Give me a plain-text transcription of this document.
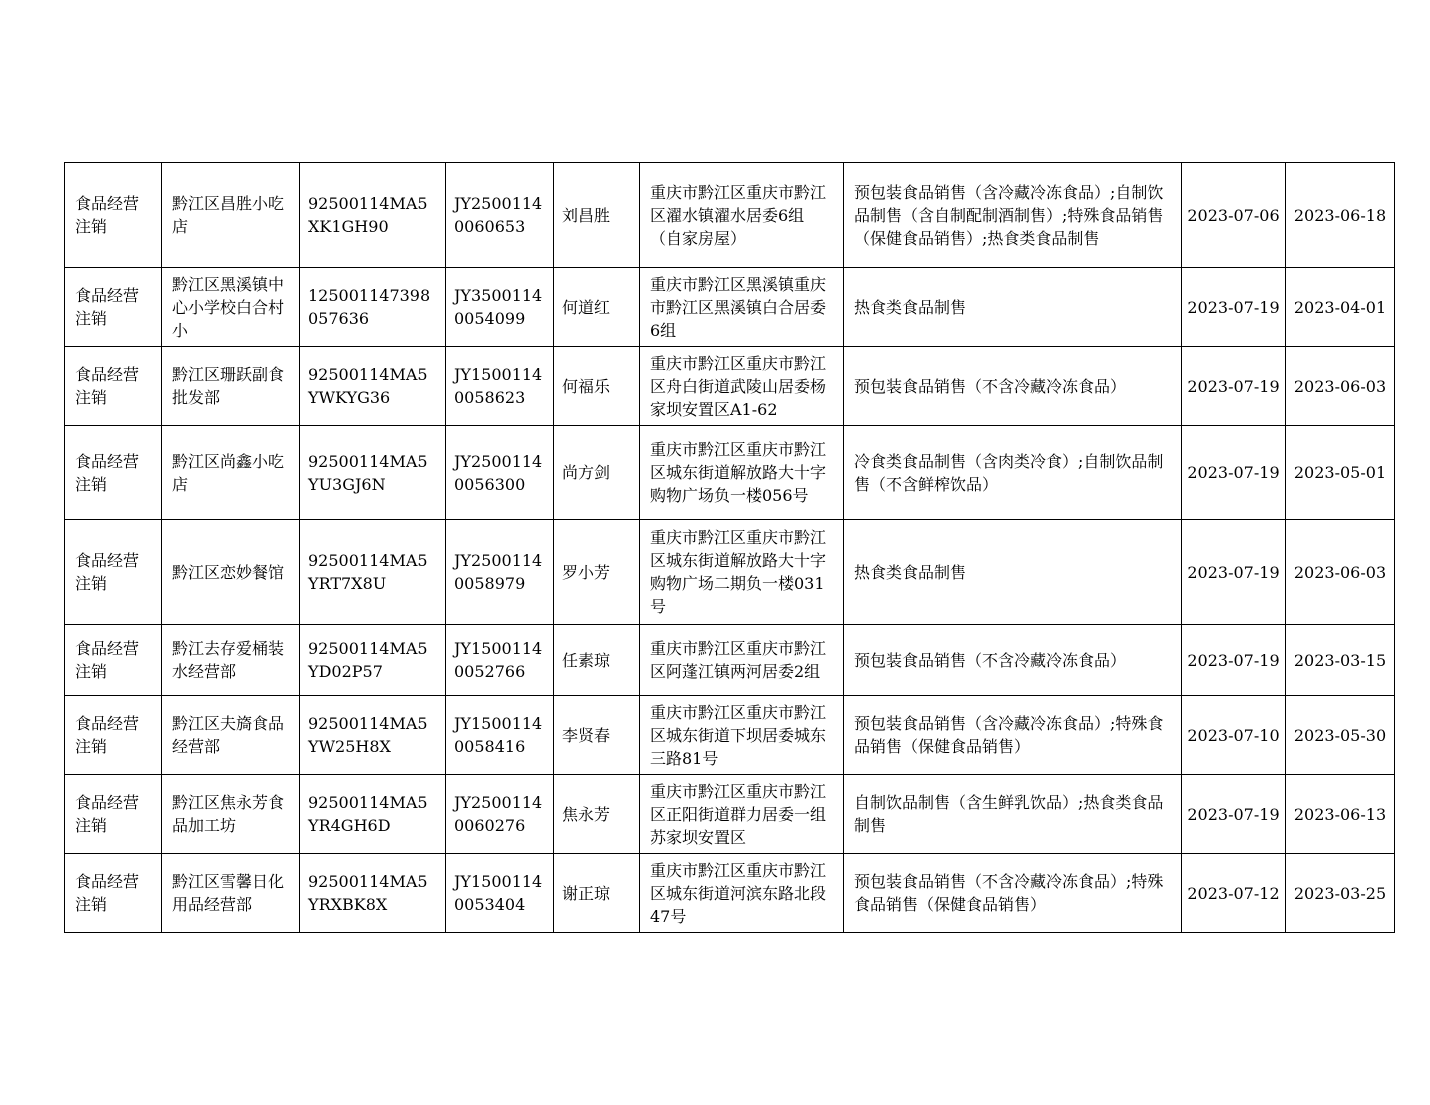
食品经营注销	黔江区昌胜小吃店	92500114MA5XK1GH90	JY25001140060653	刘昌胜	重庆市黔江区重庆市黔江区濯水镇濯水居委6组（自家房屋）	预包装食品销售（含冷藏冷冻食品）;自制饮品制售（含自制配制酒制售）;特殊食品销售（保健食品销售）;热食类食品制售	2023-07-06	2023-06-18
食品经营注销	黔江区黑溪镇中心小学校白合村小	125001147398057636	JY35001140054099	何道红	重庆市黔江区黑溪镇重庆市黔江区黑溪镇白合居委6组	热食类食品制售	2023-07-19	2023-04-01
食品经营注销	黔江区珊跃副食批发部	92500114MA5YWKYG36	JY15001140058623	何福乐	重庆市黔江区重庆市黔江区舟白街道武陵山居委杨家坝安置区A1-62	预包装食品销售（不含冷藏冷冻食品）	2023-07-19	2023-06-03
食品经营注销	黔江区尚鑫小吃店	92500114MA5YU3GJ6N	JY25001140056300	尚方剑	重庆市黔江区重庆市黔江区城东街道解放路大十字购物广场负一楼056号	冷食类食品制售（含肉类冷食）;自制饮品制售（不含鲜榨饮品）	2023-07-19	2023-05-01
食品经营注销	黔江区恋妙餐馆	92500114MA5YRT7X8U	JY25001140058979	罗小芳	重庆市黔江区重庆市黔江区城东街道解放路大十字购物广场二期负一楼031号	热食类食品制售	2023-07-19	2023-06-03
食品经营注销	黔江去存爱桶装水经营部	92500114MA5YD02P57	JY15001140052766	任素琼	重庆市黔江区重庆市黔江区阿蓬江镇两河居委2组	预包装食品销售（不含冷藏冷冻食品）	2023-07-19	2023-03-15
食品经营注销	黔江区夫旖食品经营部	92500114MA5YW25H8X	JY15001140058416	李贤春	重庆市黔江区重庆市黔江区城东街道下坝居委城东三路81号	预包装食品销售（含冷藏冷冻食品）;特殊食品销售（保健食品销售）	2023-07-10	2023-05-30
食品经营注销	黔江区焦永芳食品加工坊	92500114MA5YR4GH6D	JY25001140060276	焦永芳	重庆市黔江区重庆市黔江区正阳街道群力居委一组苏家坝安置区	自制饮品制售（含生鲜乳饮品）;热食类食品制售	2023-07-19	2023-06-13
食品经营注销	黔江区雪馨日化用品经营部	92500114MA5YRXBK8X	JY15001140053404	谢正琼	重庆市黔江区重庆市黔江区城东街道河滨东路北段47号	预包装食品销售（不含冷藏冷冻食品）;特殊食品销售（保健食品销售）	2023-07-12	2023-03-25
